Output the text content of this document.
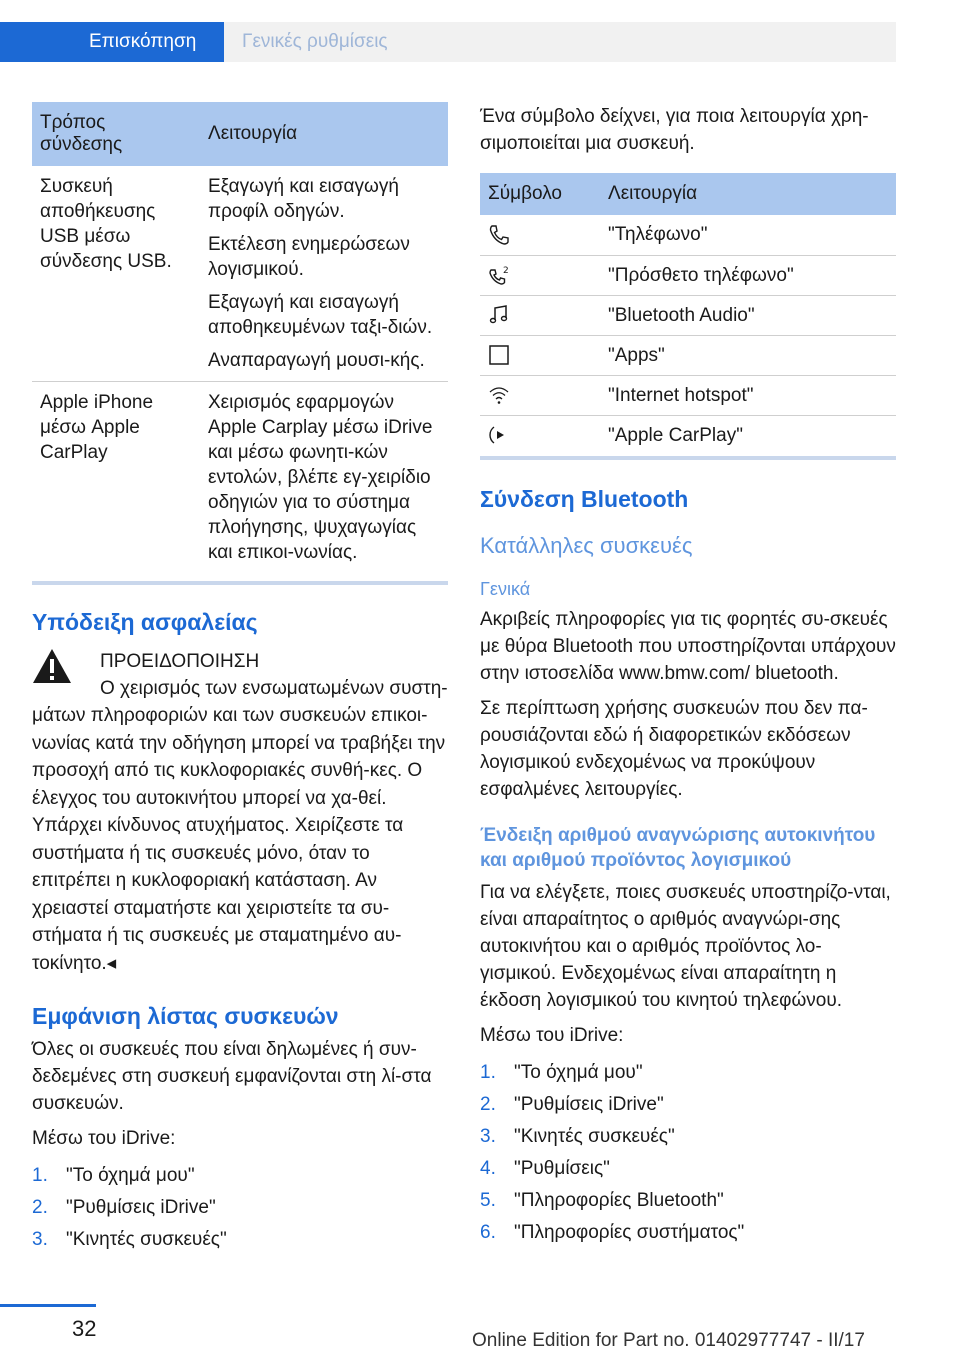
Επισκόπηση	Γενικές ρυθμίσεις
Τρόπος σύνδεσης	Λειτουργία
Συσκευή αποθήκευσης USB μέσω σύνδεσης USB.	Εξαγωγή και εισαγωγή προφίλ οδηγών.

Εκτέλεση ενημερώσεων λογισμικού.

Εξαγωγή και εισαγωγή αποθηκευμένων ταξι-διών.

Αναπαραγωγή μουσι-κής.

Apple iPhone μέσω Apple CarPlay	Χειρισμός εφαρμογών Apple Carplay μέσω iDrive και μέσω φωνητι-κών εντολών, βλέπε εγ-χειρίδιο οδηγιών για το σύστημα πλοήγησης, ψυχαγωγίας και επικοι-νωνίας.

Υπόδειξη ασφαλείας
ΠΡΟΕΙΔΟΠΟΙΗΣΗ
Ο χειρισμός των ενσωματωμένων συστη-
μάτων πληροφοριών και των συσκευών επικοι-νωνίας κατά την οδήγηση μπορεί να τραβήξει την προσοχή από τις κυκλοφοριακές συνθή-κες. Ο έλεγχος του αυτοκινήτου μπορεί να χα-θεί. Υπάρχει κίνδυνος ατυχήματος. Χειρίζεστε τα συστήματα ή τις συσκευές μόνο, όταν το επιτρέπει η κυκλοφοριακή κατάσταση. Αν χρειαστεί σταματήστε και χειριστείτε τα συ-στήματα ή τις συσκευές με σταματημένο αυ-τοκίνητο.◂
Εμφάνιση λίστας συσκευών
Όλες οι συσκευές που είναι δηλωμένες ή συν-δεδεμένες στη συσκευή εμφανίζονται στη λί-στα συσκευών.
Μέσω του iDrive:
1. "Το όχημά μου"
2. "Ρυθμίσεις iDrive"
3. "Κινητές συσκευές"
Ένα σύμβολο δείχνει, για ποια λειτουργία χρη-σιμοποιείται μια συσκευή.
Σύμβολο	Λειτουργία
	"Τηλέφωνο"

2	"Πρόσθετο τηλέφωνο"
	"Bluetooth Audio"
	"Apps"
	"Internet hotspot"
	"Apple CarPlay"
Σύνδεση Bluetooth
Κατάλληλες συσκευές
Γενικά
Ακριβείς πληροφορίες για τις φορητές συ-σκευές με θύρα Bluetooth που υποστηρίζονται υπάρχουν στην ιστοσελίδα www.bmw.com/ bluetooth.
Σε περίπτωση χρήσης συσκευών που δεν πα-ρουσιάζονται εδώ ή διαφορετικών εκδόσεων λογισμικού ενδεχομένως να προκύψουν εσφαλμένες λειτουργίες.
Ένδειξη αριθμού αναγνώρισης αυτοκινήτου και αριθμού προϊόντος λογισμικού
Για να ελέγξετε, ποιες συσκευές υποστηρίζο-νται, είναι απαραίτητος ο αριθμός αναγνώρι-σης αυτοκινήτου και ο αριθμός προϊόντος λο-γισμικού. Ενδεχομένως είναι απαραίτητη η έκδοση λογισμικού του κινητού τηλεφώνου.
Μέσω του iDrive:
1. "Το όχημά μου"
2. "Ρυθμίσεις iDrive"
3. "Κινητές συσκευές"
4. "Ρυθμίσεις"
5. "Πληροφορίες Bluetooth"
6. "Πληροφορίες συστήματος"
32	Online Edition for Part no. 01402977747 - II/17
